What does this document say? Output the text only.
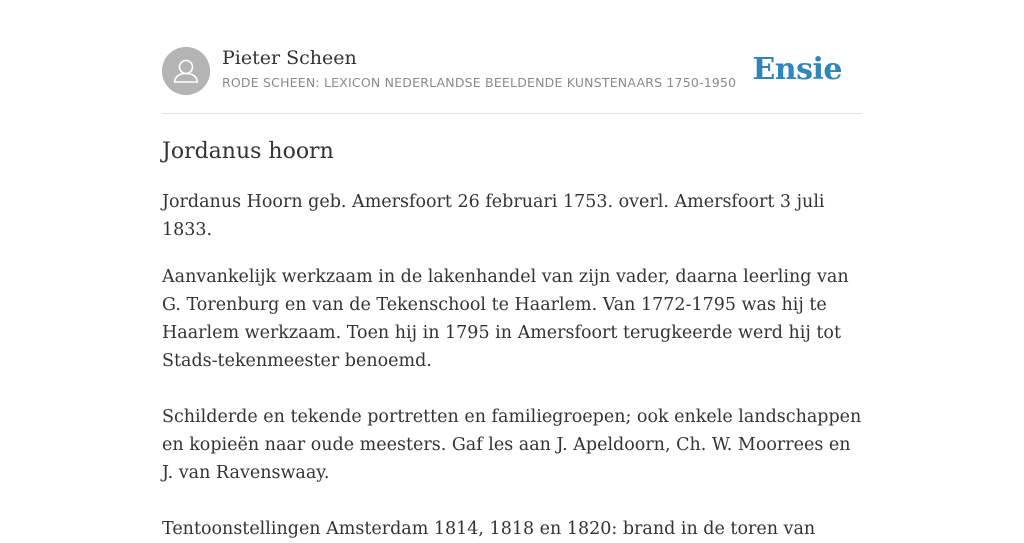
Pieter Scheen
RODE SCHEEN: LEXICON NEDERLANDSE BEELDENDE KUNSTENAARS 1750-1950 Ensie
Jordanus hoorn

Jordanus Hoorn geb. Amersfoort 26 februari 1753. overl. Amersfoort 3 juli 1833.

Aanvankelijk werkzaam in de lakenhandel van zijn vader, daarna leerling van G. Torenburg en van de Tekenschool te Haarlem. Van 1772-1795 was hij te Haarlem werkzaam. Toen hij in 1795 in Amersfoort terugkeerde werd hij tot Stads-tekenmeester benoemd.

Schilderde en tekende portretten en familiegroepen; ook enkele landschappen en kopieën naar oude meesters. Gaf les aan J. Apeldoorn, Ch. W. Moorrees en J. van Ravenswaay.

Tentoonstellingen Amsterdam 1814, 1818 en 1820: brand in de toren van
